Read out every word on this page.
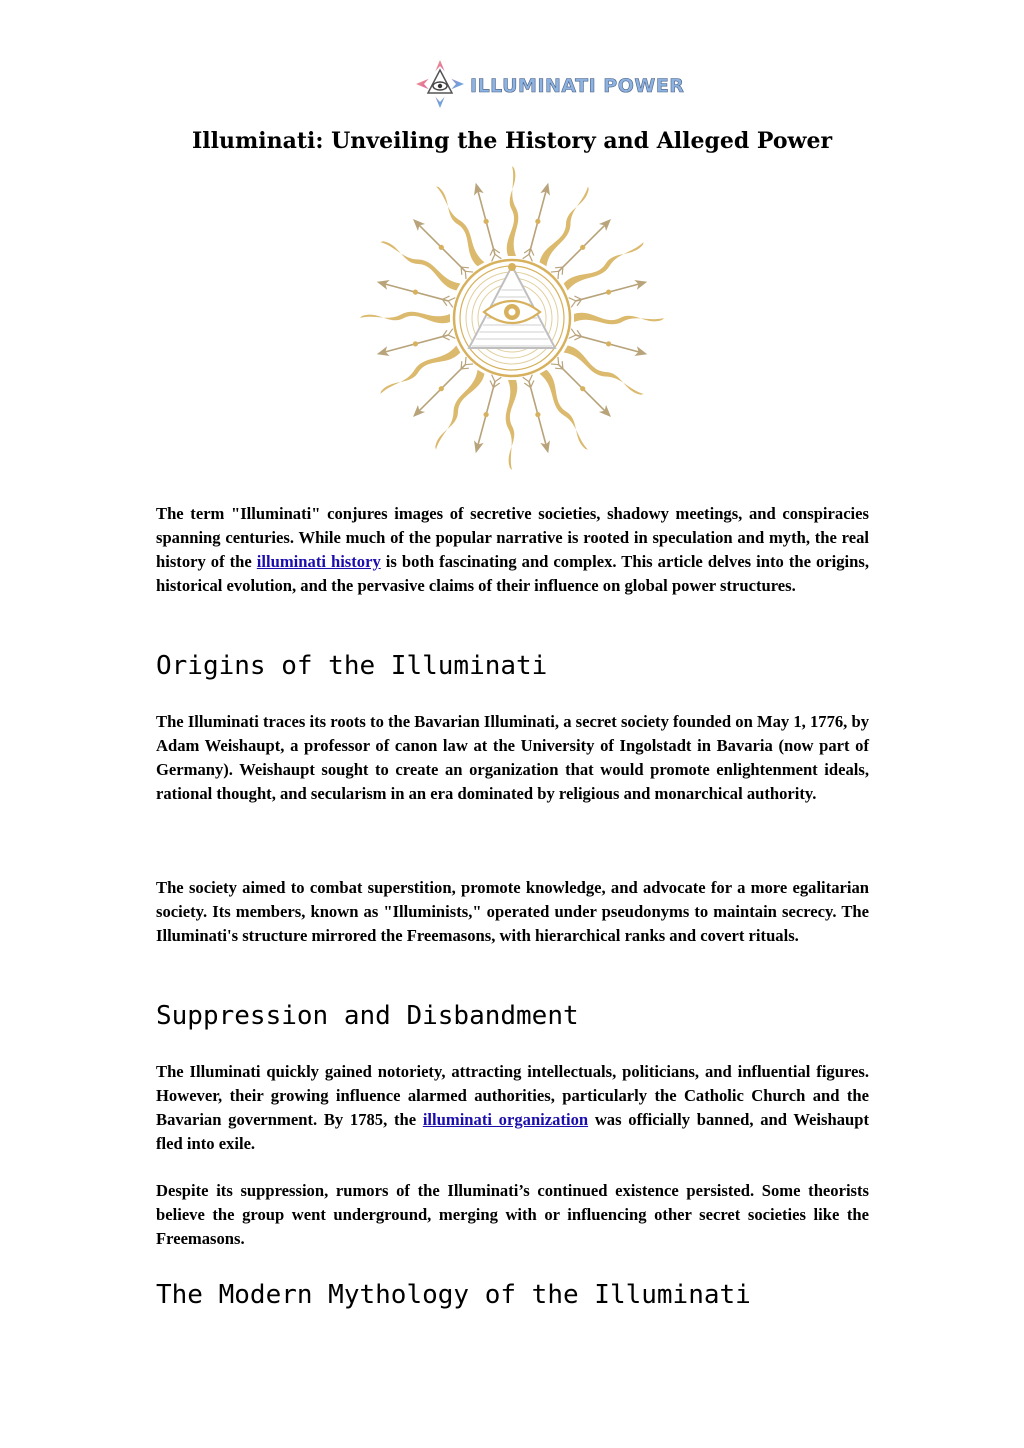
ILLUMINATI POWER
Illuminati: Unveiling the History and Alleged Power

The term "Illuminati" conjures images of secretive societies, shadowy meetings, and conspiracies spanning centuries. While much of the popular narrative is rooted in speculation and myth, the real history of the illuminati history is both fascinating and complex. This article delves into the origins, historical evolution, and the pervasive claims of their influence on global power structures.

Origins of the Illuminati

The Illuminati traces its roots to the Bavarian Illuminati, a secret society founded on May 1, 1776, by Adam Weishaupt, a professor of canon law at the University of Ingolstadt in Bavaria (now part of Germany). Weishaupt sought to create an organization that would promote enlightenment ideals, rational thought, and secularism in an era dominated by religious and monarchical authority.

The society aimed to combat superstition, promote knowledge, and advocate for a more egalitarian society. Its members, known as "Illuminists," operated under pseudonyms to maintain secrecy. The Illuminati's structure mirrored the Freemasons, with hierarchical ranks and covert rituals.

Suppression and Disbandment

The Illuminati quickly gained notoriety, attracting intellectuals, politicians, and influential figures. However, their growing influence alarmed authorities, particularly the Catholic Church and the Bavarian government. By 1785, the illuminati organization was officially banned, and Weishaupt fled into exile.

Despite its suppression, rumors of the Illuminati’s continued existence persisted. Some theorists believe the group went underground, merging with or influencing other secret societies like the Freemasons.

The Modern Mythology of the Illuminati
